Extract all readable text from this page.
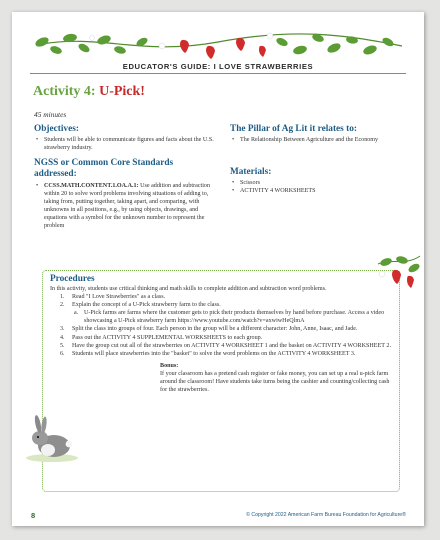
EDUCATOR'S GUIDE: I LOVE STRAWBERRIES
Activity 4: U-Pick!
45 minutes
Objectives:
• Students will be able to communicate figures and facts about the U.S. strawberry industry.
NGSS or Common Core Standards
addressed:
• CCSS.MATH.CONTENT.1.OA.A.1: Use addition and subtraction within 20 to solve word problems involving situations of adding to, taking from, putting together, taking apart, and comparing, with unknowns in all positions, e.g., by using objects, drawings, and equations with a symbol for the unknown number to represent the problem
The Pillar of Ag Lit it relates to:
• The Relationship Between Agriculture and the Economy
Materials:
• Scissors
• ACTIVITY 4 WORKSHEETS
Procedures
In this activity, students use critical thinking and math skills to complete addition and subtraction word problems.
1. Read "I Love Strawberries" as a class.
2. Explain the concept of a U-Pick strawberry farm to the class.
a. U-Pick farms are farms where the customer gets to pick their products themselves by hand before purchase. Access a video showcasing a U-Pick strawberry farm https://www.youtube.com/watch?v=axwiwHeQlmA
3. Split the class into groups of four. Each person in the group will be a different character: John, Anne, Isaac, and Jade.
4. Pass out the ACTIVITY 4 SUPPLEMENTAL WORKSHEETS to each group.
5. Have the group cut out all of the strawberries on ACTIVITY 4 WORKSHEET 1 and the basket on ACTIVITY 4 WORKSHEET 2.
6. Students will place strawberries into the "basket" to solve the word problems on the ACTIVITY 4 WORKSHEET 3.
Bonus:
If your classroom has a pretend cash register or fake money, you can set up a real u-pick farm around the classroom! Have students take turns being the cashier and counting/collecting cash for the strawberries.
8	© Copyright 2022 American Farm Bureau Foundation for Agriculture®
